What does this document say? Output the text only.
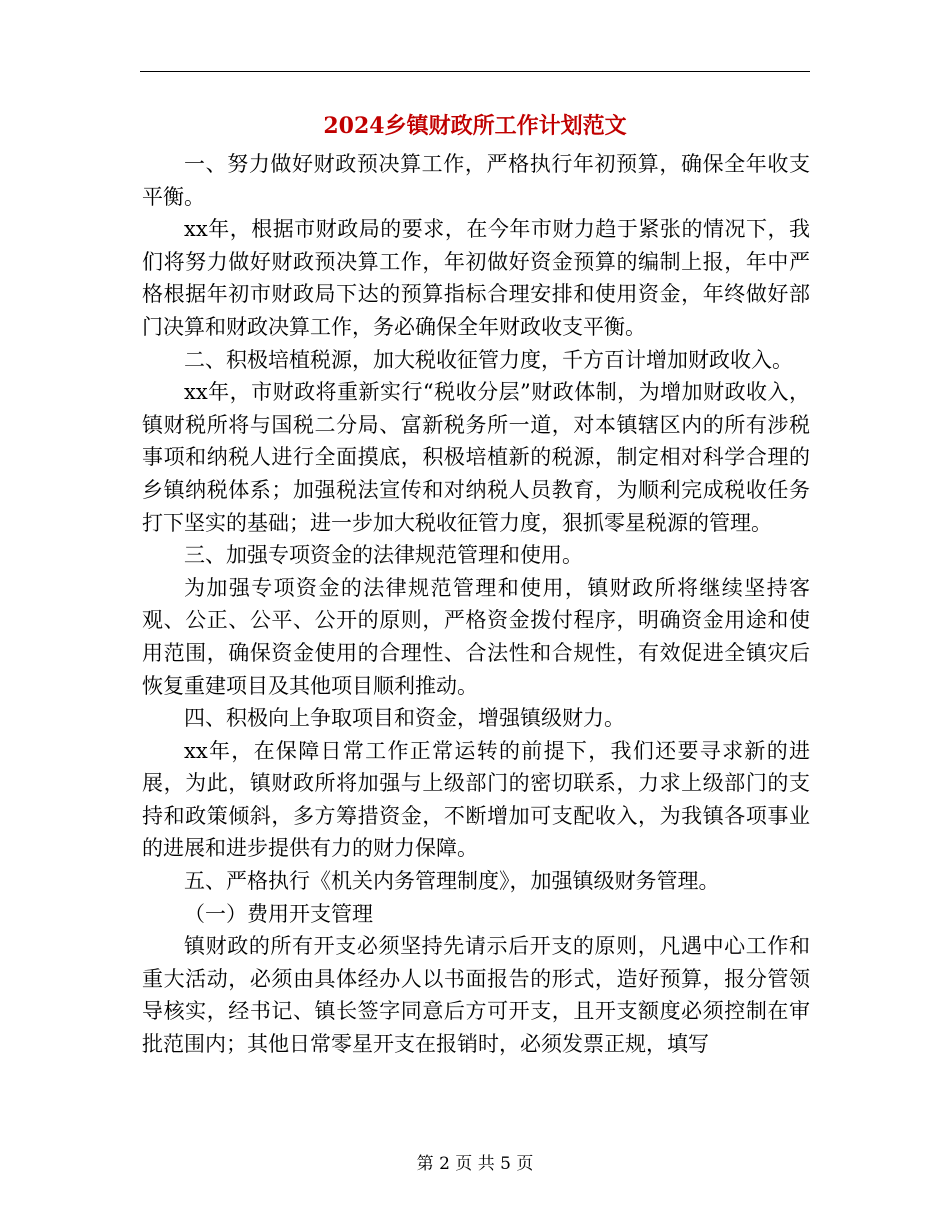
2024乡镇财政所工作计划范文

一、努力做好财政预决算工作，严格执行年初预算，确保全年收支平衡。

xx年，根据市财政局的要求，在今年市财力趋于紧张的情况下，我们将努力做好财政预决算工作，年初做好资金预算的编制上报，年中严格根据年初市财政局下达的预算指标合理安排和使用资金，年终做好部门决算和财政决算工作，务必确保全年财政收支平衡。

二、积极培植税源，加大税收征管力度，千方百计增加财政收入。

xx年，市财政将重新实行“税收分层”财政体制，为增加财政收入，镇财税所将与国税二分局、富新税务所一道，对本镇辖区内的所有涉税事项和纳税人进行全面摸底，积极培植新的税源，制定相对科学合理的乡镇纳税体系；加强税法宣传和对纳税人员教育，为顺利完成税收任务打下坚实的基础；进一步加大税收征管力度，狠抓零星税源的管理。

三、加强专项资金的法律规范管理和使用。

为加强专项资金的法律规范管理和使用，镇财政所将继续坚持客观、公正、公平、公开的原则，严格资金拨付程序，明确资金用途和使用范围，确保资金使用的合理性、合法性和合规性，有效促进全镇灾后恢复重建项目及其他项目顺利推动。

四、积极向上争取项目和资金，增强镇级财力。

xx年，在保障日常工作正常运转的前提下，我们还要寻求新的进展，为此，镇财政所将加强与上级部门的密切联系，力求上级部门的支持和政策倾斜，多方筹措资金，不断增加可支配收入，为我镇各项事业的进展和进步提供有力的财力保障。

五、严格执行《机关内务管理制度》，加强镇级财务管理。

（一）费用开支管理

镇财政的所有开支必须坚持先请示后开支的原则，凡遇中心工作和重大活动，必须由具体经办人以书面报告的形式，造好预算，报分管领导核实，经书记、镇长签字同意后方可开支，且开支额度必须控制在审批范围内；其他日常零星开支在报销时，必须发票正规，填写

第 2 页 共 5 页
